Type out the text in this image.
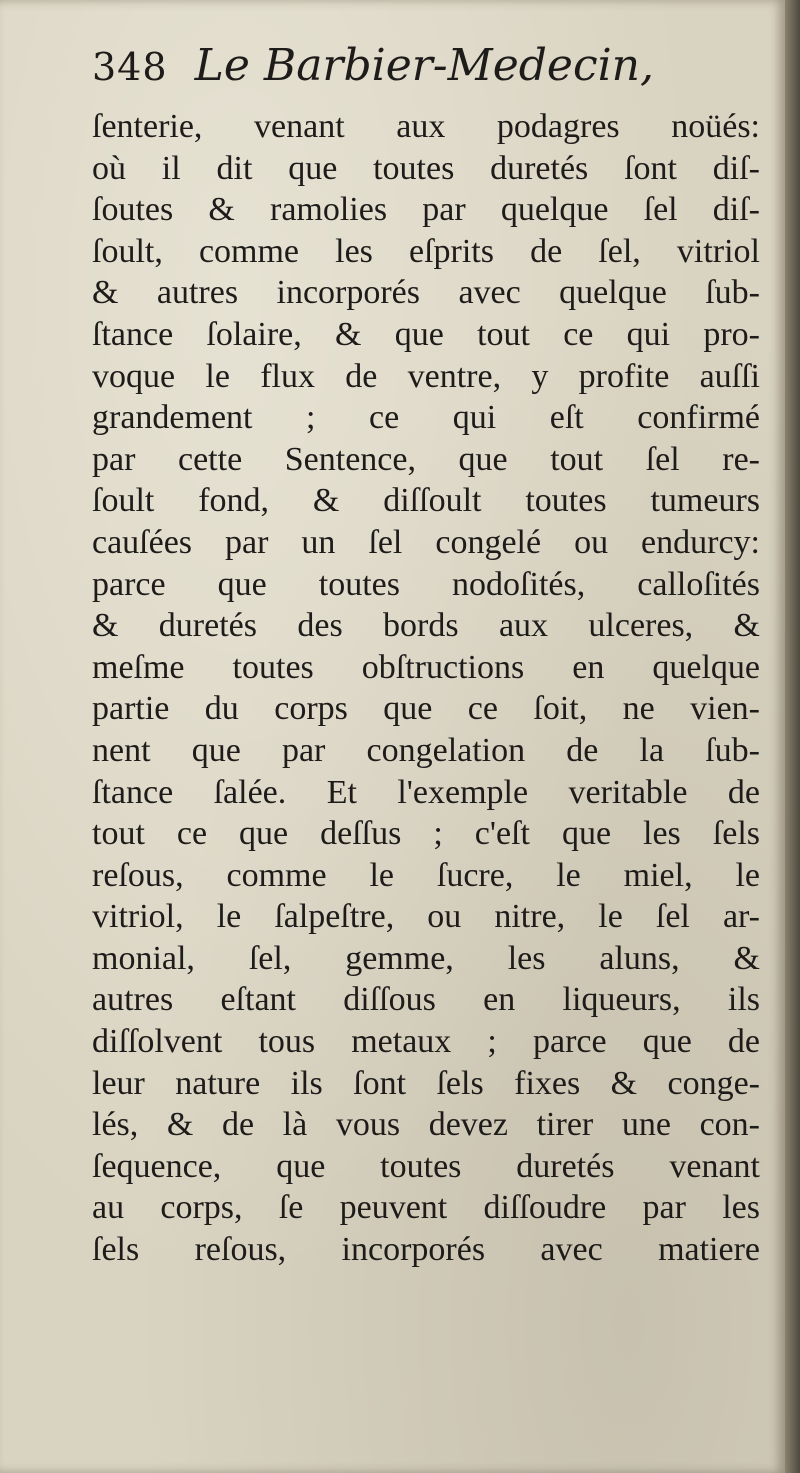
348 Le Barbier-Medecin,
ſenterie, venant aux podagres noüés:
où il dit que toutes duretés ſont diſ-
ſoutes & ramolies par quelque ſel diſ-
ſoult, comme les eſprits de ſel, vitriol
& autres incorporés avec quelque ſub-
ſtance ſolaire, & que tout ce qui pro-
voque le flux de ventre, y profite auſſi
grandement ; ce qui eſt confirmé
par cette Sentence, que tout ſel re-
ſoult fond, & diſſoult toutes tumeurs
cauſées par un ſel congelé ou endurcy:
parce que toutes nodoſités, calloſités
& duretés des bords aux ulceres, &
meſme toutes obſtructions en quelque
partie du corps que ce ſoit, ne vien-
nent que par congelation de la ſub-
ſtance ſalée. Et l'exemple veritable de
tout ce que deſſus ; c'eſt que les ſels
reſous, comme le ſucre, le miel, le
vitriol, le ſalpeſtre, ou nitre, le ſel ar-
monial, ſel, gemme, les aluns, &
autres eſtant diſſous en liqueurs, ils
diſſolvent tous metaux ; parce que de
leur nature ils ſont ſels fixes & conge-
lés, & de là vous devez tirer une con-
ſequence, que toutes duretés venant
au corps, ſe peuvent diſſoudre par les
ſels reſous, incorporés avec matiere
